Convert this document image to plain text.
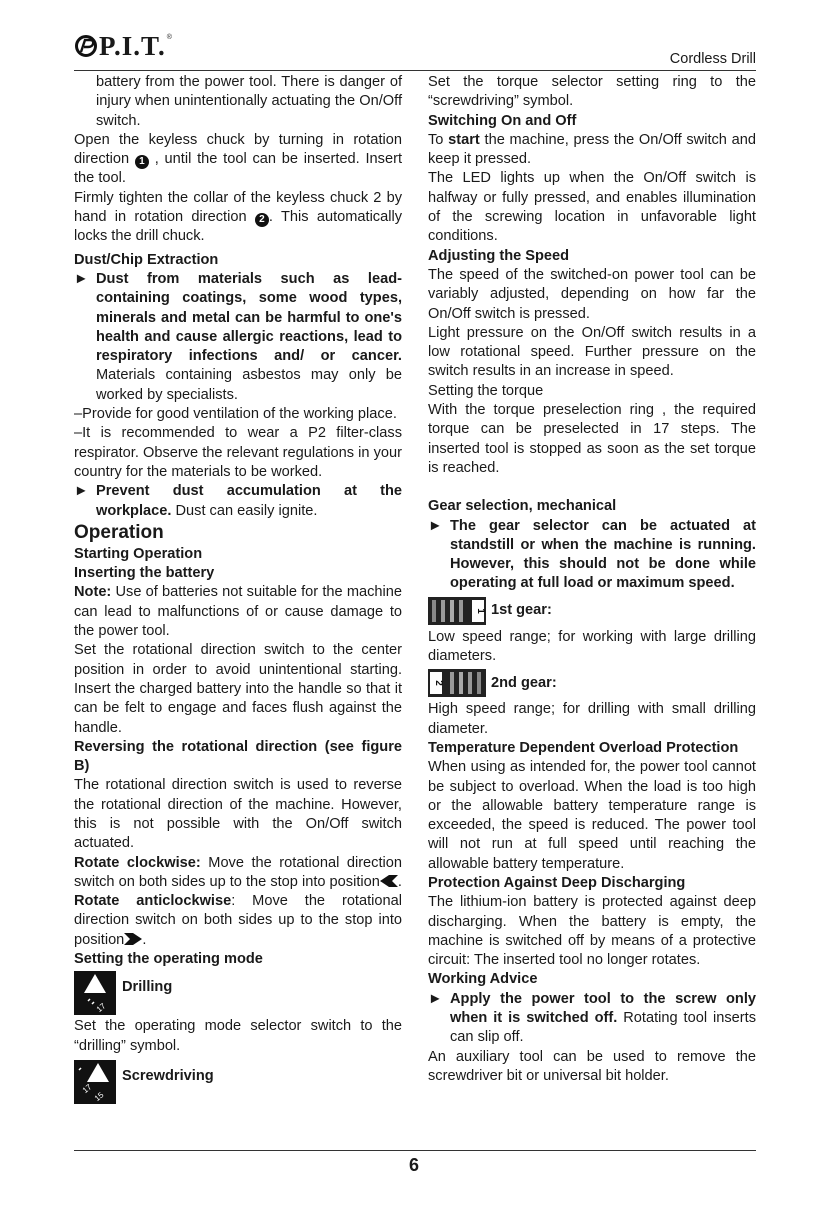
P.I.T. ®
Cordless Drill

battery from the power tool. There is danger of injury when unintentionally actuating the On/Off switch.

Open the keyless chuck by turning in rotation direction 1 , until the tool can be inserted. Insert the tool.

Firmly tighten the collar of the keyless chuck 2 by hand in rotation direction 2 . This automatically locks the drill chuck.

Dust/Chip Extraction

► Dust from materials such as lead-containing coatings, some wood types, minerals and metal can be harmful to one's health and cause allergic reactions, lead to respiratory infections and/ or cancer. Materials containing asbestos may only be worked by specialists.

–Provide for good ventilation of the working place.

–It is recommended to wear a P2 filter-class respirator. Observe the relevant regulations in your country for the materials to be worked.

► Prevent dust accumulation at the workplace. Dust can easily ignite.

Operation

Starting Operation

Inserting the battery

Note: Use of batteries not suitable for the machine can lead to malfunctions of or cause damage to the power tool.

Set the rotational direction switch to the center position in order to avoid unintentional starting. Insert the charged battery into the handle so that it can be felt to engage and faces flush against the handle.

Reversing the rotational direction (see figure B)

The rotational direction switch is used to reverse the rotational direction of the machine. However, this is not possible with the On/Off switch actuated.

Rotate clockwise: Move the rotational direction switch on both sides up to the stop into position .

Rotate anticlockwise: Move the rotational direction switch on both sides up to the stop into position .

Setting the operating mode

17
Drilling

Set the operating mode selector switch to the “drilling” symbol.

17
15
Screwdriving

Set the torque selector setting ring to the “screwdriving” symbol.

Switching On and Off

To start the machine, press the On/Off switch and keep it pressed.

The LED lights up when the On/Off switch is halfway or fully pressed, and enables illumination of the screwing location in unfavorable light conditions.

Adjusting the Speed

The speed of the switched-on power tool can be variably adjusted, depending on how far the On/Off switch is pressed.

Light pressure on the On/Off switch results in a low rotational speed. Further pressure on the switch results in an increase in speed.

Setting the torque

With the torque preselection ring , the required torque can be preselected in 17 steps. The inserted tool is stopped as soon as the set torque is reached.

Gear selection, mechanical

► The gear selector can be actuated at standstill or when the machine is running. However, this should not be done while operating at full load or maximum speed.

1 1st gear:

Low speed range; for working with large drilling diameters.

2	2nd gear:

High speed range; for drilling with small drilling diameter.

Temperature Dependent Overload Protection

When using as intended for, the power tool cannot be subject to overload. When the load is too high or the allowable battery temperature range is exceeded, the speed is reduced. The power tool will not run at full speed until reaching the allowable battery temperature.

Protection Against Deep Discharging

The lithium-ion battery is protected against deep discharging. When the battery is empty, the machine is switched off by means of a protective circuit: The inserted tool no longer rotates.

Working Advice

► Apply the power tool to the screw only when it is switched off. Rotating tool inserts can slip off.

An auxiliary tool can be used to remove the screwdriver bit or universal bit holder.

6
